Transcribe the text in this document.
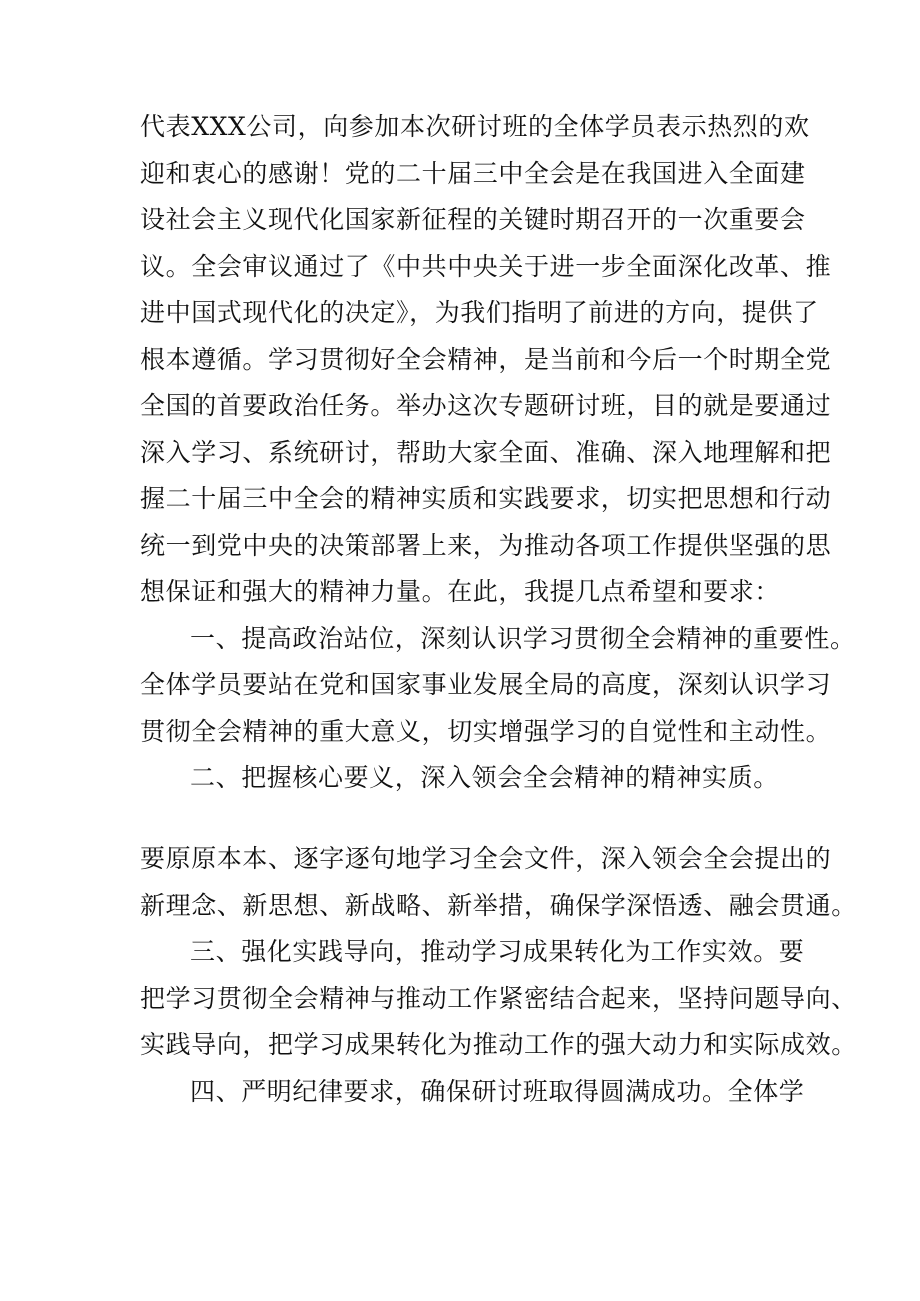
代表XXX公司，向参加本次研讨班的全体学员表示热烈的欢
迎和衷心的感谢！党的二十届三中全会是在我国进入全面建
设社会主义现代化国家新征程的关键时期召开的一次重要会
议。全会审议通过了《中共中央关于进一步全面深化改革、推
进中国式现代化的决定》，为我们指明了前进的方向，提供了
根本遵循。学习贯彻好全会精神，是当前和今后一个时期全党
全国的首要政治任务。举办这次专题研讨班，目的就是要通过
深入学习、系统研讨，帮助大家全面、准确、深入地理解和把
握二十届三中全会的精神实质和实践要求，切实把思想和行动
统一到党中央的决策部署上来，为推动各项工作提供坚强的思
想保证和强大的精神力量。在此，我提几点希望和要求：
一、提高政治站位，深刻认识学习贯彻全会精神的重要性。
全体学员要站在党和国家事业发展全局的高度，深刻认识学习
贯彻全会精神的重大意义，切实增强学习的自觉性和主动性。
二、把握核心要义，深入领会全会精神的精神实质。
要原原本本、逐字逐句地学习全会文件，深入领会全会提出的
新理念、新思想、新战略、新举措，确保学深悟透、融会贯通。
三、强化实践导向，推动学习成果转化为工作实效。要
把学习贯彻全会精神与推动工作紧密结合起来，坚持问题导向、
实践导向，把学习成果转化为推动工作的强大动力和实际成效。
四、严明纪律要求，确保研讨班取得圆满成功。全体学
